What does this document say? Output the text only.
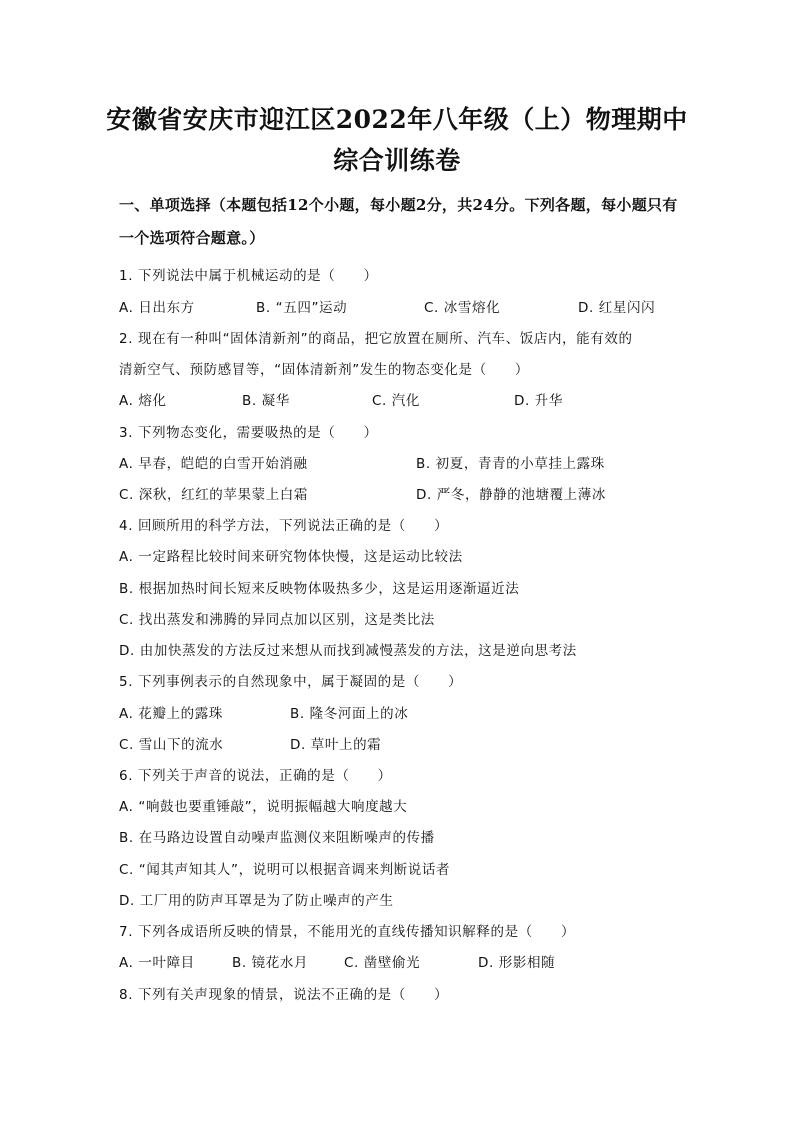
安徽省安庆市迎江区2022年八年级（上）物理期中
综合训练卷
一、单项选择（本题包括12个小题，每小题2分，共24分。下列各题，每小题只有一个选项符合题意。）
1. 下列说法中属于机械运动的是（　　）
A. 日出东方	B. “五四”运动	C. 冰雪熔化	D. 红星闪闪
2. 现在有一种叫“固体清新剂”的商品，把它放置在厕所、汽车、饭店内，能有效的
清新空气、预防感冒等，“固体清新剂”发生的物态变化是（　　）
A. 熔化	B. 凝华	C. 汽化	D. 升华
3. 下列物态变化，需要吸热的是（　　）
A. 早春，皑皑的白雪开始消融	B. 初夏，青青的小草挂上露珠
C. 深秋，红红的苹果蒙上白霜	D. 严冬，静静的池塘覆上薄冰
4. 回顾所用的科学方法，下列说法正确的是（　　）
A. 一定路程比较时间来研究物体快慢，这是运动比较法
B. 根据加热时间长短来反映物体吸热多少，这是运用逐渐逼近法
C. 找出蒸发和沸腾的异同点加以区别，这是类比法
D. 由加快蒸发的方法反过来想从而找到减慢蒸发的方法，这是逆向思考法
5. 下列事例表示的自然现象中，属于凝固的是（　　）
A. 花瓣上的露珠	B. 隆冬河面上的冰
C. 雪山下的流水	D. 草叶上的霜
6. 下列关于声音的说法，正确的是（　　）
A. “响鼓也要重锤敲”，说明振幅越大响度越大
B. 在马路边设置自动噪声监测仪来阻断噪声的传播
C. “闻其声知其人”，说明可以根据音调来判断说话者
D. 工厂用的防声耳罩是为了防止噪声的产生
7. 下列各成语所反映的情景，不能用光的直线传播知识解释的是（　　）
A. 一叶障目	B. 镜花水月	C. 凿壁偷光	D. 形影相随
8. 下列有关声现象的情景，说法不正确的是（　　）
